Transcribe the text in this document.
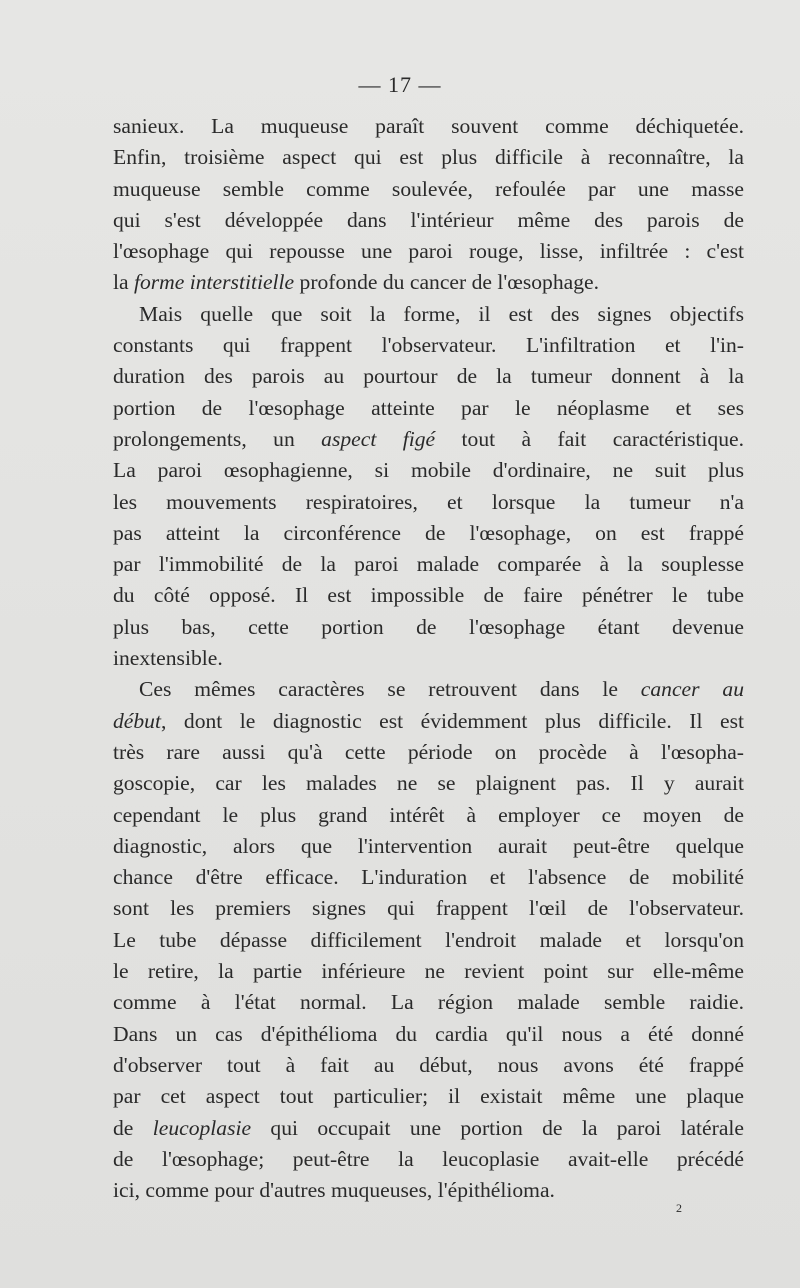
— 17 —
sanieux. La muqueuse paraît souvent comme déchiquetée.
Enfin, troisième aspect qui est plus difficile à reconnaître, la
muqueuse semble comme soulevée, refoulée par une masse
qui s'est développée dans l'intérieur même des parois de
l'œsophage qui repousse une paroi rouge, lisse, infiltrée : c'est
la forme interstitielle profonde du cancer de l'œsophage.
Mais quelle que soit la forme, il est des signes objectifs
constants qui frappent l'observateur. L'infiltration et l'in-
duration des parois au pourtour de la tumeur donnent à la
portion de l'œsophage atteinte par le néoplasme et ses
prolongements, un aspect figé tout à fait caractéristique.
La paroi œsophagienne, si mobile d'ordinaire, ne suit plus
les mouvements respiratoires, et lorsque la tumeur n'a
pas atteint la circonférence de l'œsophage, on est frappé
par l'immobilité de la paroi malade comparée à la souplesse
du côté opposé. Il est impossible de faire pénétrer le tube
plus bas, cette portion de l'œsophage étant devenue
inextensible.
Ces mêmes caractères se retrouvent dans le cancer au
début, dont le diagnostic est évidemment plus difficile. Il est
très rare aussi qu'à cette période on procède à l'œsopha-
goscopie, car les malades ne se plaignent pas. Il y aurait
cependant le plus grand intérêt à employer ce moyen de
diagnostic, alors que l'intervention aurait peut-être quelque
chance d'être efficace. L'induration et l'absence de mobilité
sont les premiers signes qui frappent l'œil de l'observateur.
Le tube dépasse difficilement l'endroit malade et lorsqu'on
le retire, la partie inférieure ne revient point sur elle-même
comme à l'état normal. La région malade semble raidie.
Dans un cas d'épithélioma du cardia qu'il nous a été donné
d'observer tout à fait au début, nous avons été frappé
par cet aspect tout particulier; il existait même une plaque
de leucoplasie qui occupait une portion de la paroi latérale
de l'œsophage; peut-être la leucoplasie avait-elle précédé
ici, comme pour d'autres muqueuses, l'épithélioma.
2
